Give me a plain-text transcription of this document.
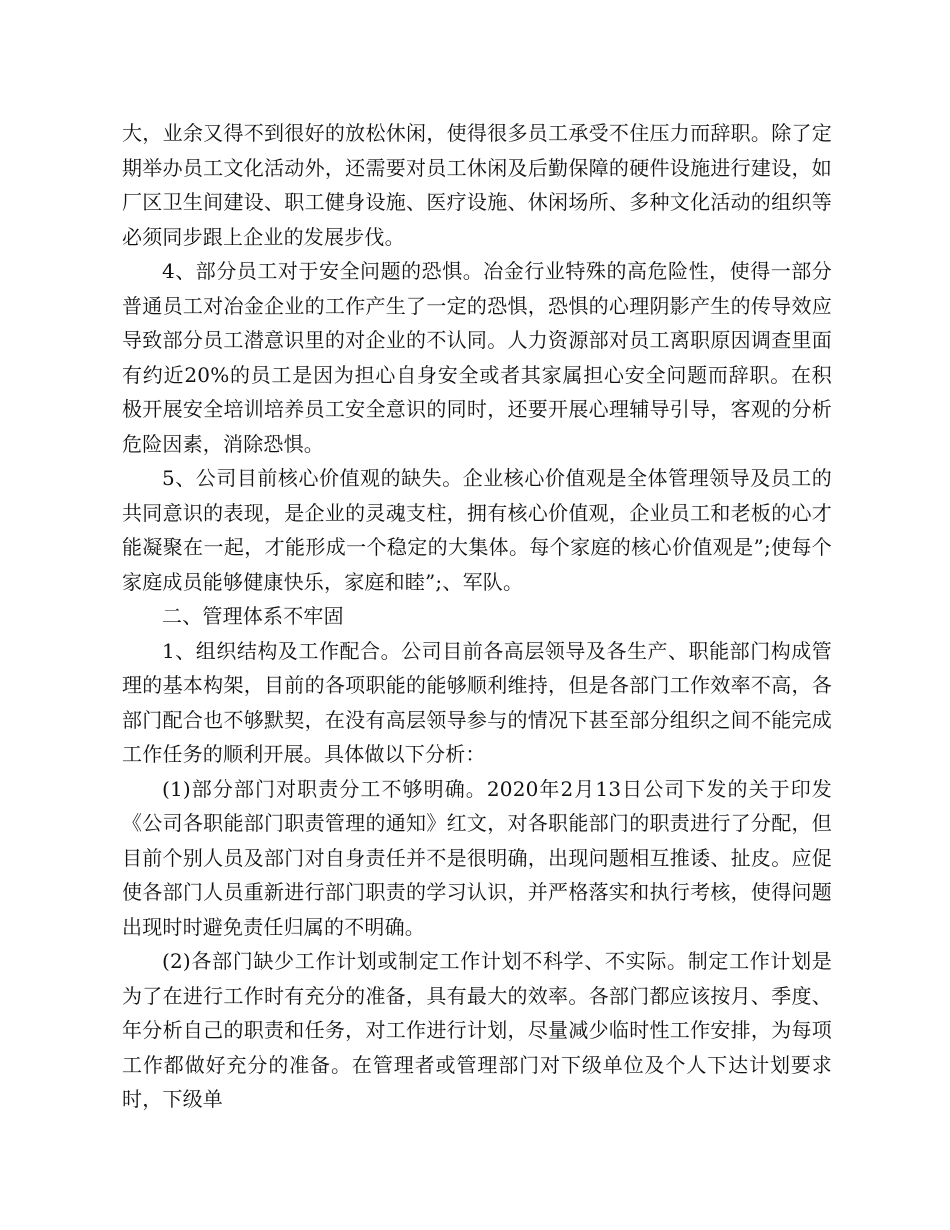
大，业余又得不到很好的放松休闲，使得很多员工承受不住压力而辞职。除了定期举办员工文化活动外，还需要对员工休闲及后勤保障的硬件设施进行建设，如厂区卫生间建设、职工健身设施、医疗设施、休闲场所、多种文化活动的组织等必须同步跟上企业的发展步伐。

4、部分员工对于安全问题的恐惧。冶金行业特殊的高危险性，使得一部分普通员工对冶金企业的工作产生了一定的恐惧，恐惧的心理阴影产生的传导效应导致部分员工潜意识里的对企业的不认同。人力资源部对员工离职原因调查里面有约近20%的员工是因为担心自身安全或者其家属担心安全问题而辞职。在积极开展安全培训培养员工安全意识的同时，还要开展心理辅导引导，客观的分析危险因素，消除恐惧。

5、公司目前核心价值观的缺失。企业核心价值观是全体管理领导及员工的共同意识的表现，是企业的灵魂支柱，拥有核心价值观，企业员工和老板的心才能凝聚在一起，才能形成一个稳定的大集体。每个家庭的核心价值观是”;使每个家庭成员能够健康快乐，家庭和睦”;、军队。

二、管理体系不牢固

1、组织结构及工作配合。公司目前各高层领导及各生产、职能部门构成管理的基本构架，目前的各项职能的能够顺利维持，但是各部门工作效率不高，各部门配合也不够默契，在没有高层领导参与的情况下甚至部分组织之间不能完成工作任务的顺利开展。具体做以下分析：

(1)部分部门对职责分工不够明确。2020年2月13日公司下发的关于印发《公司各职能部门职责管理的通知》红文，对各职能部门的职责进行了分配，但目前个别人员及部门对自身责任并不是很明确，出现问题相互推诿、扯皮。应促使各部门人员重新进行部门职责的学习认识，并严格落实和执行考核，使得问题出现时时避免责任归属的不明确。

(2)各部门缺少工作计划或制定工作计划不科学、不实际。制定工作计划是为了在进行工作时有充分的准备，具有最大的效率。各部门都应该按月、季度、年分析自己的职责和任务，对工作进行计划，尽量减少临时性工作安排，为每项工作都做好充分的准备。在管理者或管理部门对下级单位及个人下达计划要求时，下级单
